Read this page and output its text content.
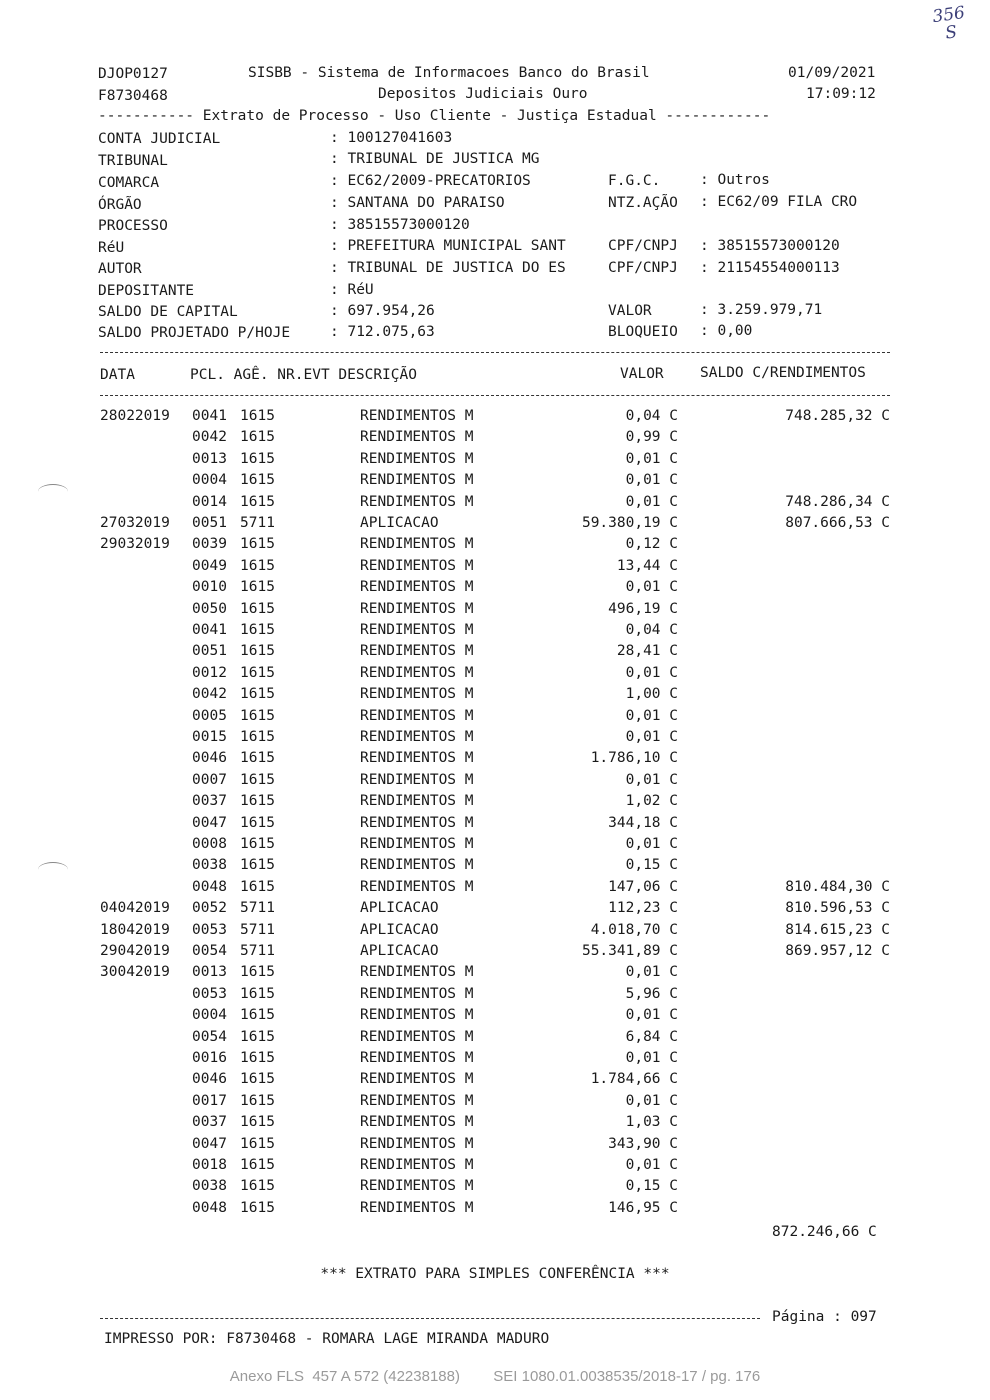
356
S
DJOP0127
F8730468
SISBB - Sistema de Informacoes Banco do Brasil
Depositos Judiciais Ouro
01/09/2021
17:09:12
----------- Extrato de Processo - Uso Cliente - Justiça Estadual ------------
CONTA JUDICIAL	: 100127041603
TRIBUNAL	: TRIBUNAL DE JUSTICA MG
COMARCA	: EC62/2009-PRECATORIOS	F.G.C.	: Outros
ÓRGÃO	: SANTANA DO PARAISO	NTZ.AÇÃO : EC62/09 FILA CRO
PROCESSO	: 38515573000120
RéU	: PREFEITURA MUNICIPAL SANT	CPF/CNPJ : 38515573000120
AUTOR	: TRIBUNAL DE JUSTICA DO ES	CPF/CNPJ : 21154554000113
DEPOSITANTE	: RéU
SALDO DE CAPITAL	: 697.954,26	VALOR	: 3.259.979,71
SALDO PROJETADO P/HOJE	: 712.075,63	BLOQUEIO : 0,00
DATA	PCL. AGÊ. NR.EVT DESCRIÇÃO	VALOR	SALDO C/RENDIMENTOS
28022019 0041 1615	RENDIMENTOS M	0,04 C	748.285,32 C
0042 1615	RENDIMENTOS M	0,99 C
0013 1615	RENDIMENTOS M	0,01 C
0004 1615	RENDIMENTOS M	0,01 C
0014 1615	RENDIMENTOS M	0,01 C	748.286,34 C
27032019 0051 5711	APLICACAO	59.380,19 C	807.666,53 C
29032019 0039 1615	RENDIMENTOS M	0,12 C
0049 1615	RENDIMENTOS M	13,44 C
0010 1615	RENDIMENTOS M	0,01 C
0050 1615	RENDIMENTOS M	496,19 C
0041 1615	RENDIMENTOS M	0,04 C
0051 1615	RENDIMENTOS M	28,41 C
0012 1615	RENDIMENTOS M	0,01 C
0042 1615	RENDIMENTOS M	1,00 C
0005 1615	RENDIMENTOS M	0,01 C
0015 1615	RENDIMENTOS M	0,01 C
0046 1615	RENDIMENTOS M	1.786,10 C
0007 1615	RENDIMENTOS M	0,01 C
0037 1615	RENDIMENTOS M	1,02 C
0047 1615	RENDIMENTOS M	344,18 C
0008 1615	RENDIMENTOS M	0,01 C
0038 1615	RENDIMENTOS M	0,15 C
0048 1615	RENDIMENTOS M	147,06 C	810.484,30 C
04042019 0052 5711	APLICACAO	112,23 C	810.596,53 C
18042019 0053 5711	APLICACAO	4.018,70 C	814.615,23 C
29042019 0054 5711	APLICACAO	55.341,89 C	869.957,12 C
30042019 0013 1615	RENDIMENTOS M	0,01 C
0053 1615	RENDIMENTOS M	5,96 C
0004 1615	RENDIMENTOS M	0,01 C
0054 1615	RENDIMENTOS M	6,84 C
0016 1615	RENDIMENTOS M	0,01 C
0046 1615	RENDIMENTOS M	1.784,66 C
0017 1615	RENDIMENTOS M	0,01 C
0037 1615	RENDIMENTOS M	1,03 C
0047 1615	RENDIMENTOS M	343,90 C
0018 1615	RENDIMENTOS M	0,01 C
0038 1615	RENDIMENTOS M	0,15 C
0048 1615	RENDIMENTOS M	146,95 C
872.246,66 C
*** EXTRATO PARA SIMPLES CONFERÊNCIA ***
Página : 097
IMPRESSO POR: F8730468 - ROMARA LAGE MIRANDA MADURO
Anexo FLS  457 A 572 (42238188)        SEI 1080.01.0038535/2018-17 / pg. 176
